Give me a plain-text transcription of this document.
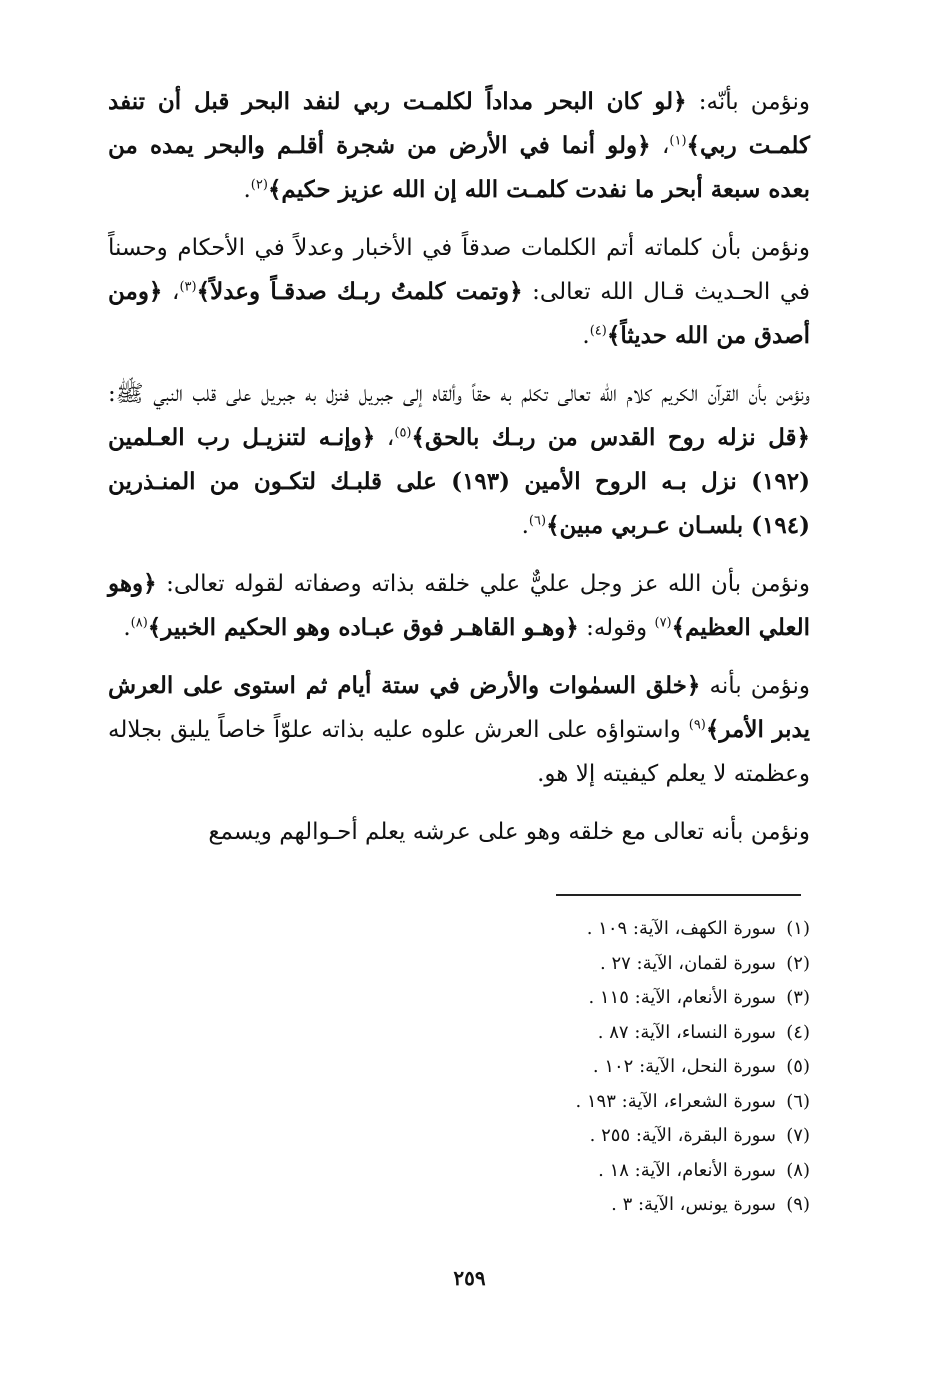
ونؤمن بأنّه: ﴿لو كان البحر مداداً لكلمـت ربي لنفد البحر قبل أن تنفد كلمـت ربي﴾$^{(١)}$، ﴿ولو أنما في الأرض من شجرة أقلـم والبحر يمده من بعده سبعة أبحر ما نفدت كلمـت الله إن الله عزيز حكيم﴾$^{(٢)}$.

ونؤمن بأن كلماته أتم الكلمات صدقاً في الأخبار وعدلاً في الأحكام وحسناً في الحـديث قـال الله تعالى: ﴿وتمت كلمتُ ربـك صدقـاً وعدلاً﴾$^{(٣)}$، ﴿ومن أصدق من الله حديثاً﴾$^{(٤)}$.

ونؤمن بأن القرآن الكريم كلام الله تعالى تكلم به حقاً وألقاه إلى جبريل فنزل به جبريل على قلب النبي ﷺ: ﴿قل نزله روح القدس من ربـك بالحق﴾$^{(٥)}$، ﴿وإنـه لتنزيـل رب العـلمين (١٩٢) نزل بـه الروح الأمين (١٩٣) على قلبـك لتكـون من المنـذرين (١٩٤) بلسـان عـربي مبين﴾$^{(٦)}$.

ونؤمن بأن الله عز وجل عليٌّ علي خلقه بذاته وصفاته لقوله تعالى: ﴿وهو العلي العظيم﴾$^{(٧)}$ وقوله: ﴿وهـو القاهـر فوق عبـاده وهو الحكيم الخبير﴾$^{(٨)}$.

ونؤمن بأنه ﴿خلق السمٰوات والأرض في ستة أيام ثم استوى على العرش يدبر الأمر﴾$^{(٩)}$ واستواؤه على العرش علوه عليه بذاته علوّاً خاصاً يليق بجلاله وعظمته لا يعلم كيفيته إلا هو.

ونؤمن بأنه تعالى مع خلقه وهو على عرشه يعلم أحـوالهم ويسمع

(١)سورة الكهف، الآية: ١٠٩ .
(٢)سورة لقمان، الآية: ٢٧ .
(٣)سورة الأنعام، الآية: ١١٥ .
(٤)سورة النساء، الآية: ٨٧ .
(٥)سورة النحل، الآية: ١٠٢ .
(٦)سورة الشعراء، الآية: ١٩٣ .
(٧)سورة البقرة، الآية: ٢٥٥ .
(٨)سورة الأنعام، الآية: ١٨ .
(٩)سورة يونس، الآية: ٣ .
٢٥٩
